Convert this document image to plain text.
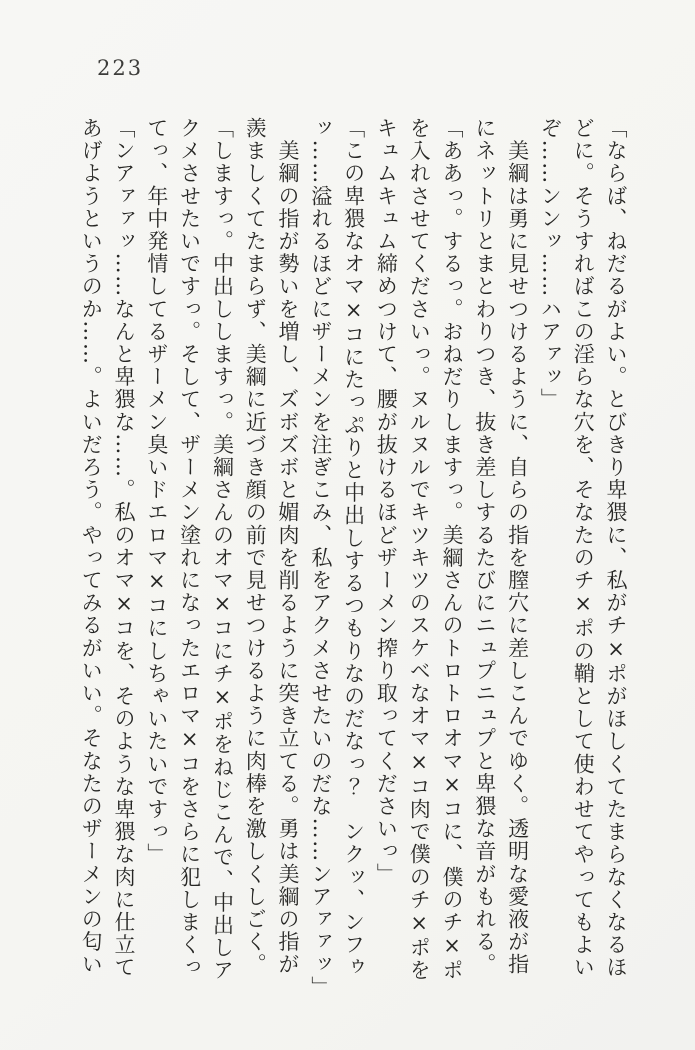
223
「ならば、ねだるがよい。とびきり卑猥に、私がチ×ポがほしくてたまらなくなるほ
どに。そうすればこの淫らな穴を、そなたのチ×ポの鞘として使わせてやってもよい
ぞ……ンンッ……ハアァッ」
　美綱は勇に見せつけるように、自らの指を膣穴に差しこんでゆく。透明な愛液が指
にネットリとまとわりつき、抜き差しするたびにニュプニュプと卑猥な音がもれる。
「ああっ。するっ。おねだりしますっ。美綱さんのトロトロオマ×コに、僕のチ×ポ
を入れさせてくださいっ。ヌルヌルでキツキツのスケベなオマ×コ肉で僕のチ×ポを
キュムキュム締めつけて、腰が抜けるほどザーメン搾り取ってくださいっ」
「この卑猥なオマ×コにたっぷりと中出しするつもりなのだなっ？　ンクッ、ンフゥ
ッ……溢れるほどにザーメンを注ぎこみ、私をアクメさせたいのだな……ンアァァッ」
　美綱の指が勢いを増し、ズボズボと媚肉を削るように突き立てる。勇は美綱の指が
羨ましくてたまらず、美綱に近づき顔の前で見せつけるように肉棒を激しくしごく。
「しますっ。中出ししますっ。美綱さんのオマ×コにチ×ポをねじこんで、中出しア
クメさせたいですっ。そして、ザーメン塗れになったエロマ×コをさらに犯しまくっ
てっ、年中発情してるザーメン臭いドエロマ×コにしちゃいたいですっ」
「ンアァァッ……なんと卑猥な……。私のオマ×コを、そのような卑猥な肉に仕立て
あげようというのか……。よいだろう。やってみるがいい。そなたのザーメンの匂い
